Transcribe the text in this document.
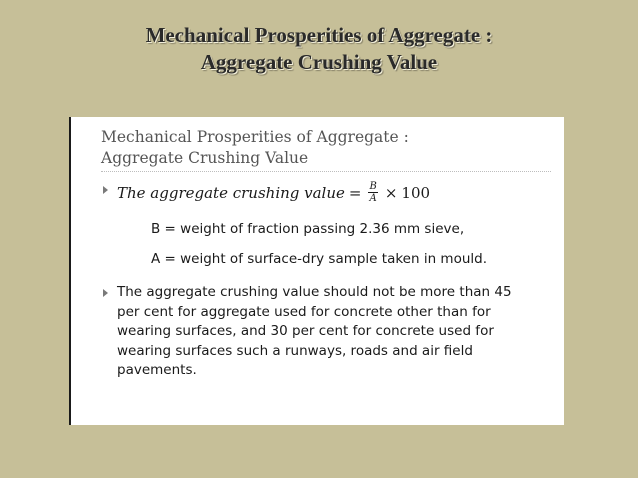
Mechanical Prosperities of Aggregate :
Aggregate Crushing Value
Mechanical Prosperities of Aggregate :
Aggregate Crushing Value
The aggregate crushing value = $\frac{B}{A} \times 100$
B = weight of fraction passing 2.36 mm sieve,
A = weight of surface-dry sample taken in mould.
The aggregate crushing value should not be more than 45
per cent for aggregate used for concrete other than for
wearing surfaces, and 30 per cent for concrete used for
wearing surfaces such a runways, roads and air field
pavements.
